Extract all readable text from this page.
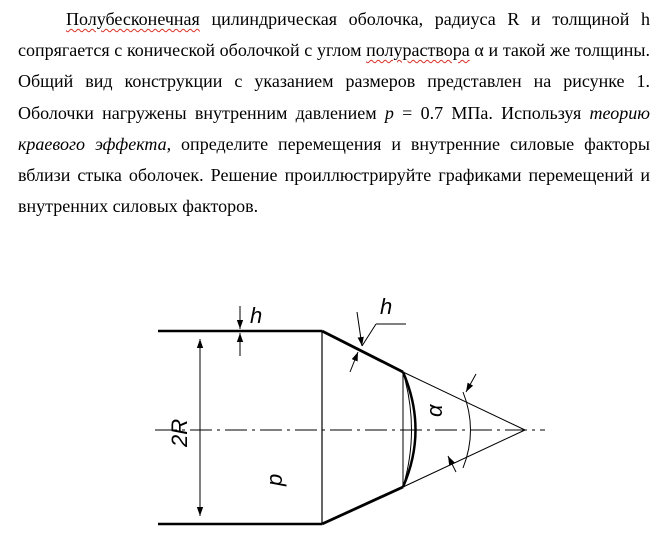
Полубесконечная цилиндрическая оболочка, радиуса R и толщиной h сопрягается с конической оболочкой с углом полураствора α и такой же толщины. Общий вид конструкции с указанием размеров представлен на рисунке 1. Оболочки нагружены внутренним давлением p = 0.7 МПа. Используя теорию краевого эффекта, определите перемещения и внутренние силовые факторы вблизи стыка оболочек. Решение проиллюстрируйте графиками перемещений и внутренних силовых факторов.

2R
h	h
α
p
